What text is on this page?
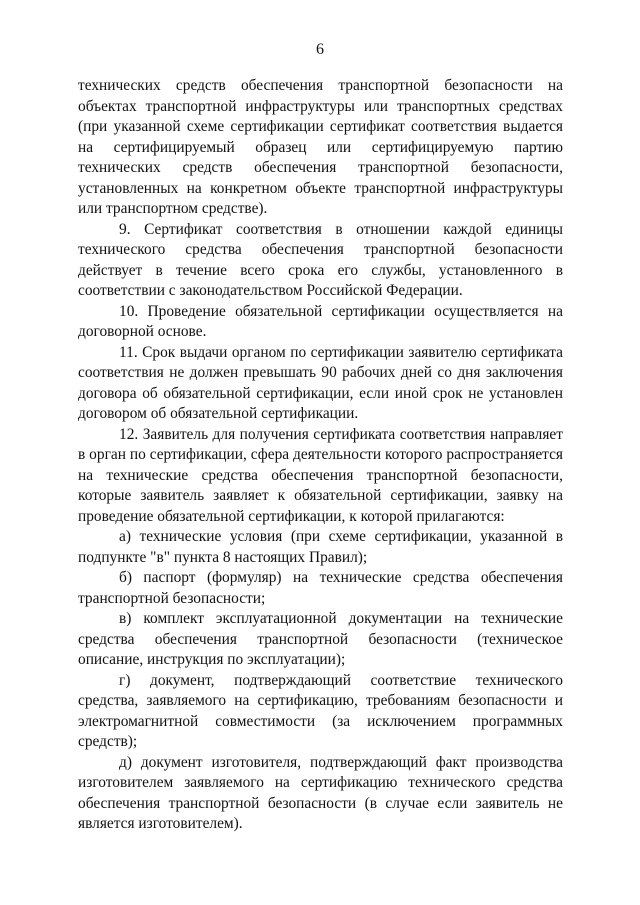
6

технических средств обеспечения транспортной безопасности на объектах транспортной инфраструктуры или транспортных средствах (при указанной схеме сертификации сертификат соответствия выдается на сертифицируемый образец или сертифицируемую партию технических средств обеспечения транспортной безопасности, установленных на конкретном объекте транспортной инфраструктуры или транспортном средстве).

9. Сертификат соответствия в отношении каждой единицы технического средства обеспечения транспортной безопасности действует в течение всего срока его службы, установленного в соответствии с законодательством Российской Федерации.

10. Проведение обязательной сертификации осуществляется на договорной основе.

11. Срок выдачи органом по сертификации заявителю сертификата соответствия не должен превышать 90 рабочих дней со дня заключения договора об обязательной сертификации, если иной срок не установлен договором об обязательной сертификации.

12. Заявитель для получения сертификата соответствия направляет в орган по сертификации, сфера деятельности которого распространяется на технические средства обеспечения транспортной безопасности, которые заявитель заявляет к обязательной сертификации, заявку на проведение обязательной сертификации, к которой прилагаются:

а) технические условия (при схеме сертификации, указанной в подпункте "в" пункта 8 настоящих Правил);

б) паспорт (формуляр) на технические средства обеспечения транспортной безопасности;

в) комплект эксплуатационной документации на технические средства обеспечения транспортной безопасности (техническое описание, инструкция по эксплуатации);

г) документ, подтверждающий соответствие технического средства, заявляемого на сертификацию, требованиям безопасности и электромагнитной совместимости (за исключением программных средств);

д) документ изготовителя, подтверждающий факт производства изготовителем заявляемого на сертификацию технического средства обеспечения транспортной безопасности (в случае если заявитель не является изготовителем).
